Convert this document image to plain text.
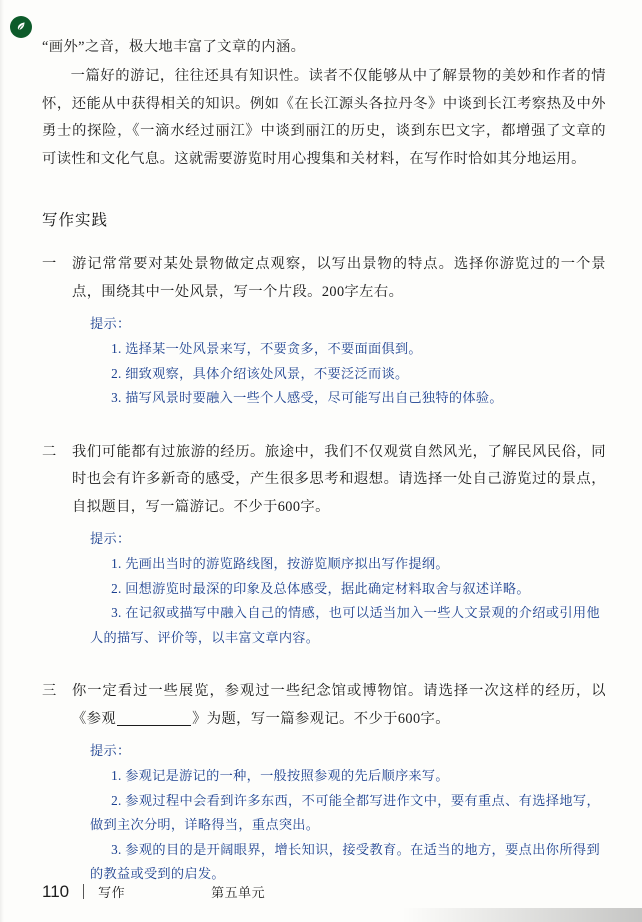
“画外”之音，极大地丰富了文章的内涵。

一篇好的游记，往往还具有知识性。读者不仅能够从中了解景物的美妙和作者的情怀，还能从中获得相关的知识。例如《在长江源头各拉丹冬》中谈到长江考察热及中外勇士的探险，《一滴水经过丽江》中谈到丽江的历史，谈到东巴文字，都增强了文章的可读性和文化气息。这就需要游览时用心搜集和关材料，在写作时恰如其分地运用。

写作实践
一	游记常常要对某处景物做定点观察，以写出景物的特点。选择你游览过的一个景点，围绕其中一处风景，写一个片段。200字左右。
提示：
1. 选择某一处风景来写，不要贪多，不要面面俱到。
2. 细致观察，具体介绍该处风景，不要泛泛而谈。
3. 描写风景时要融入一些个人感受，尽可能写出自己独特的体验。
二	我们可能都有过旅游的经历。旅途中，我们不仅观赏自然风光，了解民风民俗，同时也会有许多新奇的感受，产生很多思考和遐想。请选择一处自己游览过的景点，自拟题目，写一篇游记。不少于600字。
提示：
1. 先画出当时的游览路线图，按游览顺序拟出写作提纲。
2. 回想游览时最深的印象及总体感受，据此确定材料取舍与叙述详略。
3. 在记叙或描写中融入自己的情感，也可以适当加入一些人文景观的介绍或引用他人的描写、评价等，以丰富文章内容。
三	你一定看过一些展览，参观过一些纪念馆或博物馆。请选择一次这样的经历，以《参观	》为题，写一篇参观记。不少于600字。
提示：
1. 参观记是游记的一种，一般按照参观的先后顺序来写。
2. 参观过程中会看到许多东西，不可能全都写进作文中，要有重点、有选择地写，做到主次分明，详略得当，重点突出。
3. 参观的目的是开阔眼界，增长知识，接受教育。在适当的地方，要点出你所得到的教益或受到的启发。
110 写作	第五单元
